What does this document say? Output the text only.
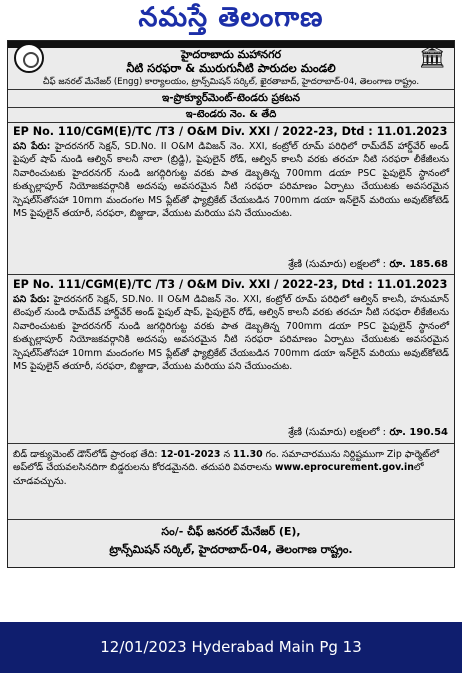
నమస్తే తెలంగాణ
🏛
హైదరాబాదు మహానగర
నీటి సరఫరా & మురుగునీటి పారుదల మండలి
చీఫ్ జనరల్ మేనేజర్ (Engg) కార్యాలయం, ట్రాన్స్‌మిషన్ సర్కిల్, ఖైరతాబాద్, హైదరాబాద్-04, తెలంగాణ రాష్ట్రం.
ఇ-ప్రొక్యూర్‌మెంట్-టెండరు ప్రకటన
ఇ-టెండరు నెం. & తేది
EP No. 110/CGM(E)/TC /T3 / O&M Div. XXI / 2022-23, Dtd : 11.01.2023
పని పేరు: హైదరనగర్ సెక్షన్, SD.No. II O&M డివిజన్ నెం. XXI, కంట్రోల్ రూమ్ పరిధిలో రామ్‌దేవ్ హార్డ్‌వేర్ అండ్ పైపుల్ షాప్ నుండి ఆల్విన్ కాలనీ నాలా (బ్రిడ్జి), పైపులైన్ రోడ్, ఆల్విన్ కాలనీ వరకు తరచూ నీటి సరఫరా లీకేజీలను నివారించుటకు హైదరనగర్ నుండి జగద్గిరిగుట్ట వరకు పాత డెబ్బతిన్న 700mm డయా PSC పైపులైన్ స్థానంలో కుత్బుల్లాపూర్ నియోజకవర్గానికి అదనపు అవసరమైన నీటి సరఫరా పరిమాణం ఏర్పాటు చేయుటకు అవసరమైన స్పెషల్‌‌స్‌తోసహా 10mm మందంగల MS ప్లేట్‌తో ఫ్యాబ్రికేట్ చేయబడిన 700mm డయా ఇన్‌లైన్ మరియు అవుట్‌కోటెడ్ MS పైపులైన్ తయారీ, సరఫరా, బిజ్జాడా, వేయుట మరియు పని చేయుంచుట.
శ్రేణి (సుమారు) లక్షలలో : రూ. 185.68
EP No. 111/CGM(E)/TC /T3 / O&M Div. XXI / 2022-23, Dtd : 11.01.2023
పని పేరు: హైదరనగర్ సెక్షన్, SD.No. II O&M డివిజన్ నెం. XXI, కంట్రోల్ రూమ్ పరిధిలో ఆల్విన్ కాలనీ, హనుమాన్ టెంపుల్ నుండి రామ్‌దేవ్ హార్డ్‌వేర్ అండ్ పైపుల్ షాప్, పైపులైన్ రోడ్, ఆల్విన్ కాలనీ వరకు తరచూ నీటి సరఫరా లీకేజీలను నివారించుటకు హైదరనగర్ నుండి జగద్గిరిగుట్ట వరకు పాత డెబ్బతిన్న 700mm డయా PSC పైపులైన్ స్థానంలో కుత్బుల్లాపూర్ నియోజకవర్గానికి అదనపు అవసరమైన నీటి సరఫరా పరిమాణం ఏర్పాటు చేయుటకు అవసరమైన స్పెషల్‌‌స్‌తోసహా 10mm మందంగల MS ప్లేట్‌తో ఫ్యాబ్రికేట్ చేయబడిన 700mm డయా ఇన్‌లైన్ మరియు అవుట్‌కోటెడ్ MS పైపులైన్ తయారీ, సరఫరా, బిజ్జాడా, వేయుట మరియు పని చేయుంచుట.
శ్రేణి (సుమారు) లక్షలలో : రూ. 190.54
బిడ్ డాక్యుమెంట్ డౌన్‌లోడ్ ప్రారంభ తేది: 12-01-2023 న 11.30 గం. సమాచారమును నిర్దిష్టముగా Zip ఫార్మెట్‌లో అప్‌లోడ్ చేయవలసినదిగా బిడ్డరులను కోరడమైనది. తదుపరి వివరాలను www.eprocurement.gov.inలో చూడవచ్చును.
సం/- చీఫ్ జనరల్ మేనేజర్ (E),
ట్రాన్స్‌మిషన్ సర్కిల్, హైదరాబాద్-04, తెలంగాణ రాష్ట్రం.
12/01/2023 Hyderabad Main Pg 13
